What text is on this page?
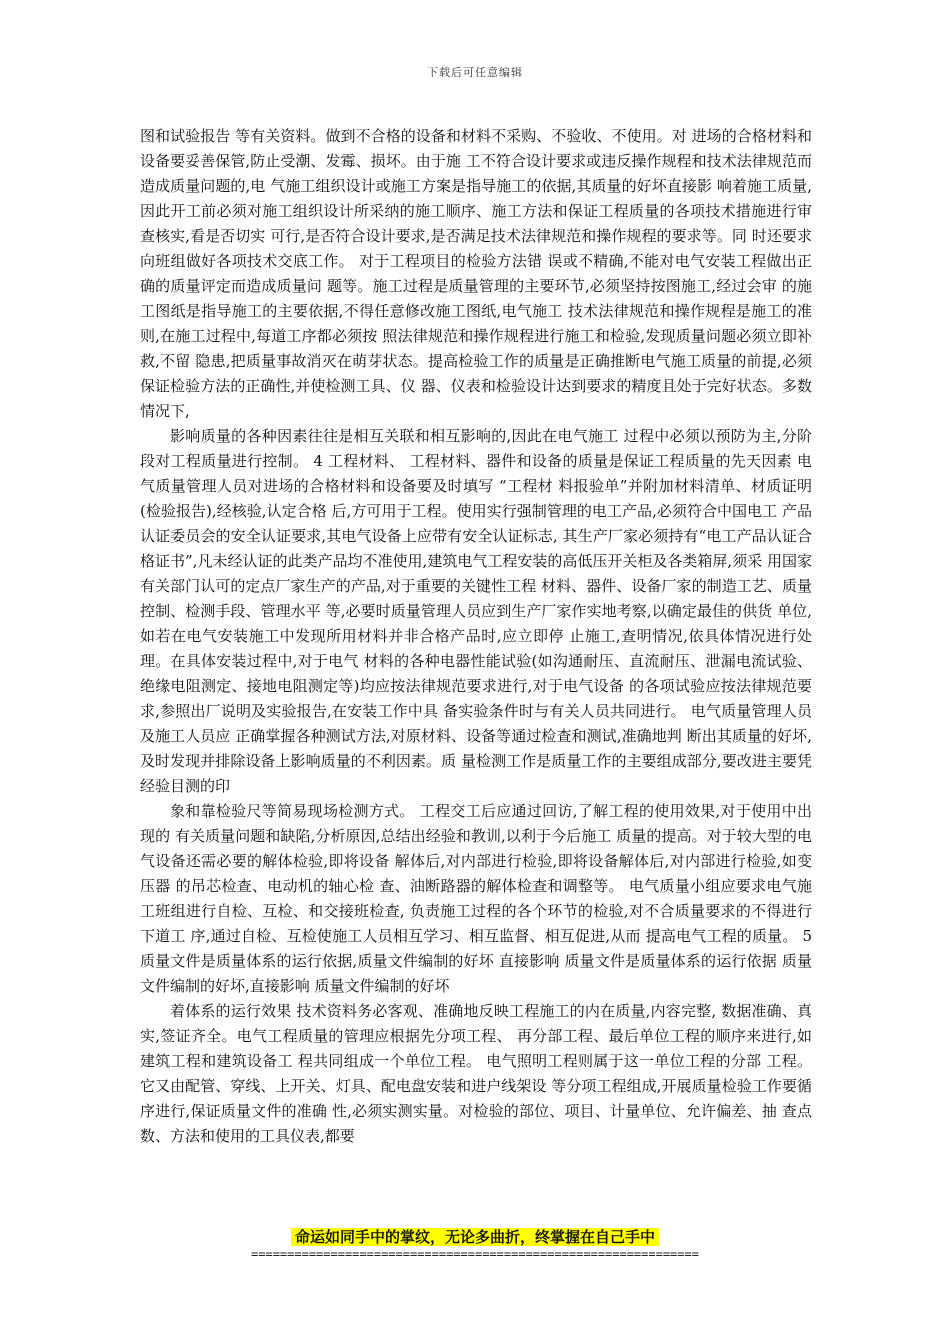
下载后可任意编辑

图和试验报告 等有关资料。做到不合格的设备和材料不采购、不验收、不使用。对 进场的合格材料和设备要妥善保管,防止受潮、发霉、损坏。由于施 工不符合设计要求或违反操作规程和技术法律规范而造成质量问题的,电 气施工组织设计或施工方案是指导施工的依据,其质量的好坏直接影 响着施工质量,因此开工前必须对施工组织设计所采纳的施工顺序、施工方法和保证工程质量的各项技术措施进行审查核实,看是否切实 可行,是否符合设计要求,是否满足技术法律规范和操作规程的要求等。同 时还要求向班组做好各项技术交底工作。 对于工程项目的检验方法错 误或不精确,不能对电气安装工程做出正确的质量评定而造成质量问 题等。施工过程是质量管理的主要环节,必须坚持按图施工,经过会审 的施工图纸是指导施工的主要依据,不得任意修改施工图纸,电气施工 技术法律规范和操作规程是施工的准则,在施工过程中,每道工序都必须按 照法律规范和操作规程进行施工和检验,发现质量问题必须立即补救,不留 隐患,把质量事故消灭在萌芽状态。提高检验工作的质量是正确推断电气施工质量的前提,必须保证检验方法的正确性,并使检测工具、仪 器、仪表和检验设计达到要求的精度且处于完好状态。多数情况下,

影响质量的各种因素往往是相互关联和相互影响的,因此在电气施工 过程中必须以预防为主,分阶段对工程质量进行控制。 4 工程材料、 工程材料、器件和设备的质量是保证工程质量的先天因素 电气质量管理人员对进场的合格材料和设备要及时填写 “工程材 料报验单”并附加材料清单、材质证明(检验报告),经核验,认定合格 后,方可用于工程。使用实行强制管理的电工产品,必须符合中国电工 产品认证委员会的安全认证要求,其电气设备上应带有安全认证标志, 其生产厂家必须持有“电工产品认证合格证书”,凡未经认证的此类产品均不准使用,建筑电气工程安装的高低压开关柜及各类箱屏,须采 用国家有关部门认可的定点厂家生产的产品,对于重要的关键性工程 材料、器件、设备厂家的制造工艺、质量控制、检测手段、管理水平 等,必要时质量管理人员应到生产厂家作实地考察,以确定最佳的供货 单位,如若在电气安装施工中发现所用材料并非合格产品时,应立即停 止施工,查明情况,依具体情况进行处理。在具体安装过程中,对于电气 材料的各种电器性能试验(如沟通耐压、直流耐压、泄漏电流试验、 绝缘电阻测定、接地电阻测定等)均应按法律规范要求进行,对于电气设备 的各项试验应按法律规范要求,参照出厂说明及实验报告,在安装工作中具 备实验条件时与有关人员共同进行。 电气质量管理人员及施工人员应 正确掌握各种测试方法,对原材料、设备等通过检查和测试,准确地判 断出其质量的好坏,及时发现并排除设备上影响质量的不利因素。质 量检测工作是质量工作的主要组成部分,要改进主要凭经验目测的印

象和靠检验尺等简易现场检测方式。 工程交工后应通过回访,了解工程的使用效果,对于使用中出现的 有关质量问题和缺陷,分析原因,总结出经验和教训,以利于今后施工 质量的提高。对于较大型的电气设备还需必要的解体检验,即将设备 解体后,对内部进行检验,即将设备解体后,对内部进行检验,如变压器 的吊芯检查、电动机的轴心检 查、油断路器的解体检查和调整等。 电气质量小组应要求电气施工班组进行自检、互检、和交接班检查, 负责施工过程的各个环节的检验,对不合质量要求的不得进行下道工 序,通过自检、互检使施工人员相互学习、相互监督、相互促进,从而 提高电气工程的质量。 5 质量文件是质量体系的运行依据,质量文件编制的好坏 直接影响 质量文件是质量体系的运行依据 质量文件编制的好坏,直接影响 质量文件编制的好坏

着体系的运行效果 技术资料务必客观、准确地反映工程施工的内在质量,内容完整, 数据准确、真实,签证齐全。电气工程质量的管理应根据先分项工程、 再分部工程、最后单位工程的顺序来进行,如建筑工程和建筑设备工 程共同组成一个单位工程。 电气照明工程则属于这一单位工程的分部 工程。它又由配管、穿线、上开关、灯具、配电盘安装和进户线架设 等分项工程组成,开展质量检验工作要循序进行,保证质量文件的准确 性,必须实测实量。对检验的部位、项目、计量单位、允许偏差、抽 查点数、方法和使用的工具仪表,都要

命运如同手中的掌纹，无论多曲折，终掌握在自己手中
==============================================================
